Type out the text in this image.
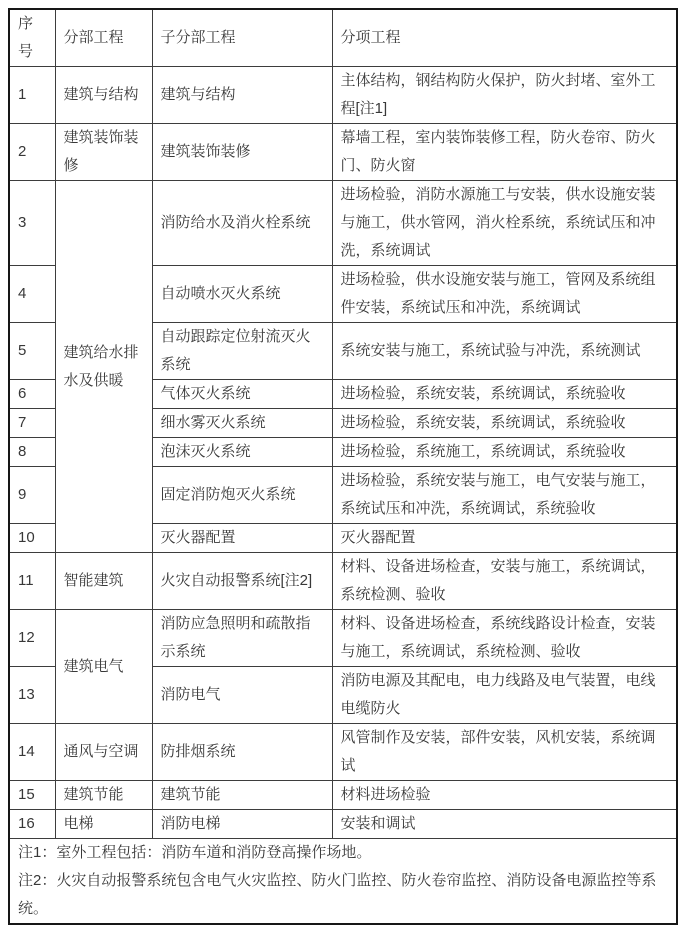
序号	分部工程	子分部工程	分项工程
1	建筑与结构	建筑与结构	主体结构，钢结构防火保护，防火封堵、室外工程[注1]
2	建筑装饰装修	建筑装饰装修	幕墙工程，室内装饰装修工程，防火卷帘、防火门、防火窗
3	建筑给水排水及供暖	消防给水及消火栓系统	进场检验，消防水源施工与安装，供水设施安装与施工，供水管网，消火栓系统，系统试压和冲洗，系统调试
4		自动喷水灭火系统	进场检验，供水设施安装与施工，管网及系统组件安装，系统试压和冲洗，系统调试
5		自动跟踪定位射流灭火系统	系统安装与施工，系统试验与冲洗，系统测试
6		气体灭火系统	进场检验，系统安装，系统调试，系统验收
7		细水雾灭火系统	进场检验，系统安装，系统调试，系统验收
8		泡沫灭火系统	进场检验，系统施工，系统调试，系统验收
9		固定消防炮灭火系统	进场检验，系统安装与施工，电气安装与施工，系统试压和冲洗，系统调试，系统验收
10		灭火器配置	灭火器配置
11	智能建筑	火灾自动报警系统[注2]	材料、设备进场检查，安装与施工，系统调试，系统检测、验收
12	建筑电气	消防应急照明和疏散指示系统	材料、设备进场检查，系统线路设计检查，安装与施工，系统调试，系统检测、验收
13		消防电气	消防电源及其配电，电力线路及电气装置，电线电缆防火
14	通风与空调	防排烟系统	风管制作及安装，部件安装，风机安装，系统调试
15	建筑节能	建筑节能	材料进场检验
16	电梯	消防电梯	安装和调试

注1：室外工程包括：消防车道和消防登高操作场地。
注2：火灾自动报警系统包含电气火灾监控、防火门监控、防火卷帘监控、消防设备电源监控等系统。			
